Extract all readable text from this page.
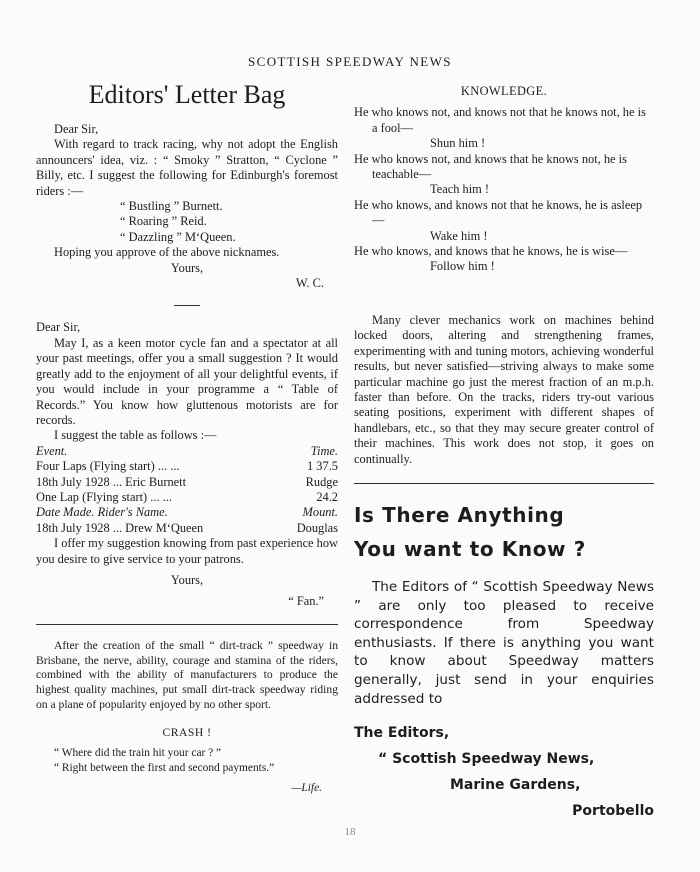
SCOTTISH SPEEDWAY NEWS
Editors' Letter Bag

Dear Sir,

With regard to track racing, why not adopt the English announcers' idea, viz. : “ Smoky ” Stratton, “ Cyclone ” Billy, etc. I suggest the following for Edinburgh's foremost riders :—

“ Bustling ” Burnett.

“ Roaring ” Reid.

“ Dazzling ” M‘Queen.

Hoping you approve of the above nicknames.

Yours,

W. C.

Dear Sir,

May I, as a keen motor cycle fan and a spectator at all your past meetings, offer you a small suggestion ? It would greatly add to the enjoyment of all your delightful events, if you would include in your programme a “ Table of Records.” You know how gluttenous motorists are for records.

I suggest the table as follows :—

Event.	Time.
Four Laps (Flying start) ... ...	1 37.5
18th July 1928 ... Eric Burnett	Rudge
One Lap (Flying start) ... ...	24.2
Date Made. Rider's Name.	Mount.
18th July 1928 ... Drew M‘Queen	Douglas

I offer my suggestion knowing from past experience how you desire to give service to your patrons.

Yours,

“ Fan.”

After the creation of the small “ dirt-track ” speedway in Brisbane, the nerve, ability, courage and stamina of the riders, combined with the ability of manufacturers to produce the highest quality machines, put small dirt-track speedway riding on a plane of popularity enjoyed by no other sport.

CRASH !

“ Where did the train hit your car ? ”

“ Right between the first and second payments.”

—Life.

KNOWLEDGE.

He who knows not, and knows not that he knows not, he is a fool—

Shun him !

He who knows not, and knows that he knows not, he is teachable—

Teach him !

He who knows, and knows not that he knows, he is asleep—

Wake him !

He who knows, and knows that he knows, he is wise—

Follow him !

Many clever mechanics work on machines behind locked doors, altering and strengthening frames, experimenting with and tuning motors, achieving wonderful results, but never satisfied—striving always to make some particular machine go just the merest fraction of an m.p.h. faster than before. On the tracks, riders try-out various seating positions, experiment with different shapes of handlebars, etc., so that they may secure greater control of their machines. This work does not stop, it goes on continually.

Is There Anything

You want to Know ?

The Editors of “ Scottish Speedway News ” are only too pleased to receive correspondence from Speedway enthusiasts. If there is anything you want to know about Speedway matters generally, just send in your enquiries addressed to

The Editors,

“ Scottish Speedway News,

Marine Gardens,

Portobello

18
